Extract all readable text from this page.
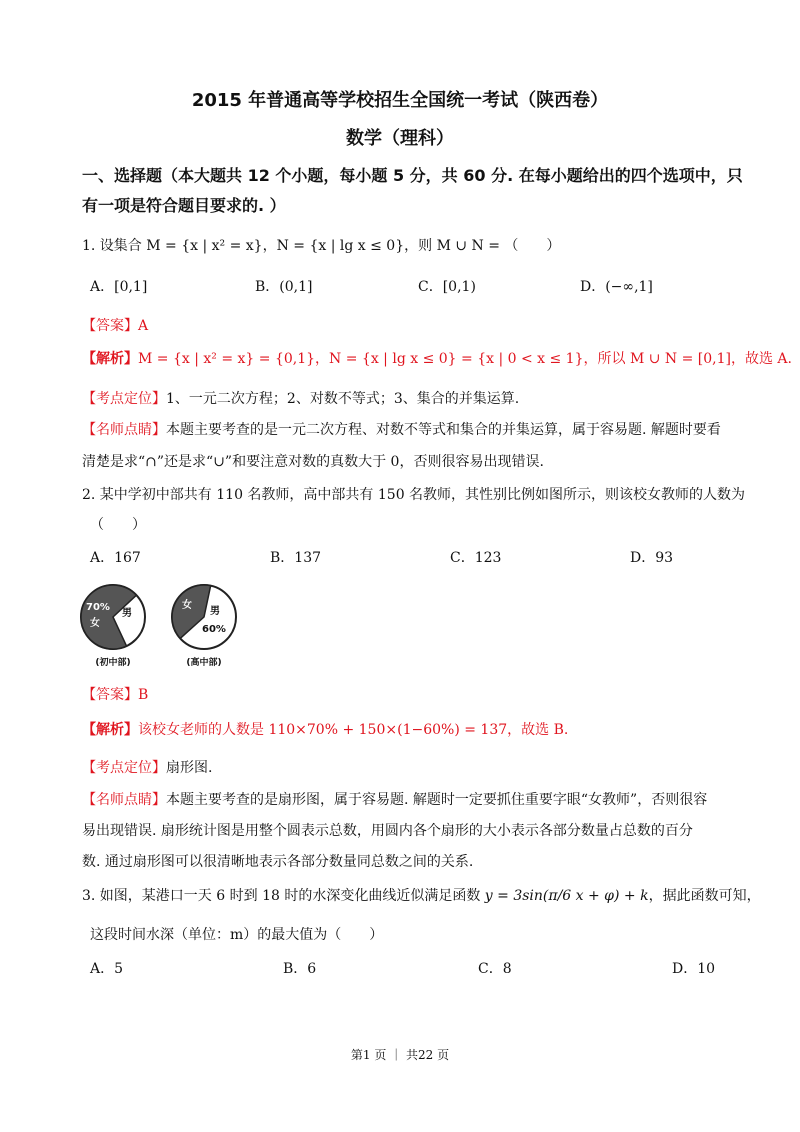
2015 年普通高等学校招生全国统一考试（陕西卷）
数学（理科）
一、选择题（本大题共 12 个小题，每小题 5 分，共 60 分. 在每小题给出的四个选项中，只
有一项是符合题目要求的. ）
1. 设集合 M = {x | x² = x}，N = {x | lg x ≤ 0}，则 M ∪ N = （　　）
A．[0,1]	B．(0,1]	C．[0,1)	D．(−∞,1]
【答案】A
【解析】M = {x | x² = x} = {0,1}，N = {x | lg x ≤ 0} = {x | 0 < x ≤ 1}，所以 M ∪ N = [0,1]，故选 A.
【考点定位】1、一元二次方程；2、对数不等式；3、集合的并集运算.
【名师点睛】本题主要考查的是一元二次方程、对数不等式和集合的并集运算，属于容易题. 解题时要看
清楚是求“∩”还是求“∪”和要注意对数的真数大于 0，否则很容易出现错误.
2. 某中学初中部共有 110 名教师，高中部共有 150 名教师，其性别比例如图所示，则该校女教师的人数为
（　　）
A．167	B．137	C．123	D．93
70%
女
男
(初中部)
女
男
60%
(高中部)
【答案】B
【解析】该校女老师的人数是 110×70% + 150×(1−60%) = 137，故选 B.
【考点定位】扇形图.
【名师点睛】本题主要考查的是扇形图，属于容易题. 解题时一定要抓住重要字眼“女教师”，否则很容
易出现错误. 扇形统计图是用整个圆表示总数，用圆内各个扇形的大小表示各部分数量占总数的百分
数. 通过扇形图可以很清晰地表示各部分数量同总数之间的关系.
3. 如图，某港口一天 6 时到 18 时的水深变化曲线近似满足函数 y = 3sin(π/6 x + φ) + k，据此函数可知，
这段时间水深（单位：m）的最大值为（　　）
A．5	B．6	C．8	D．10
第1 页 ｜ 共22 页
